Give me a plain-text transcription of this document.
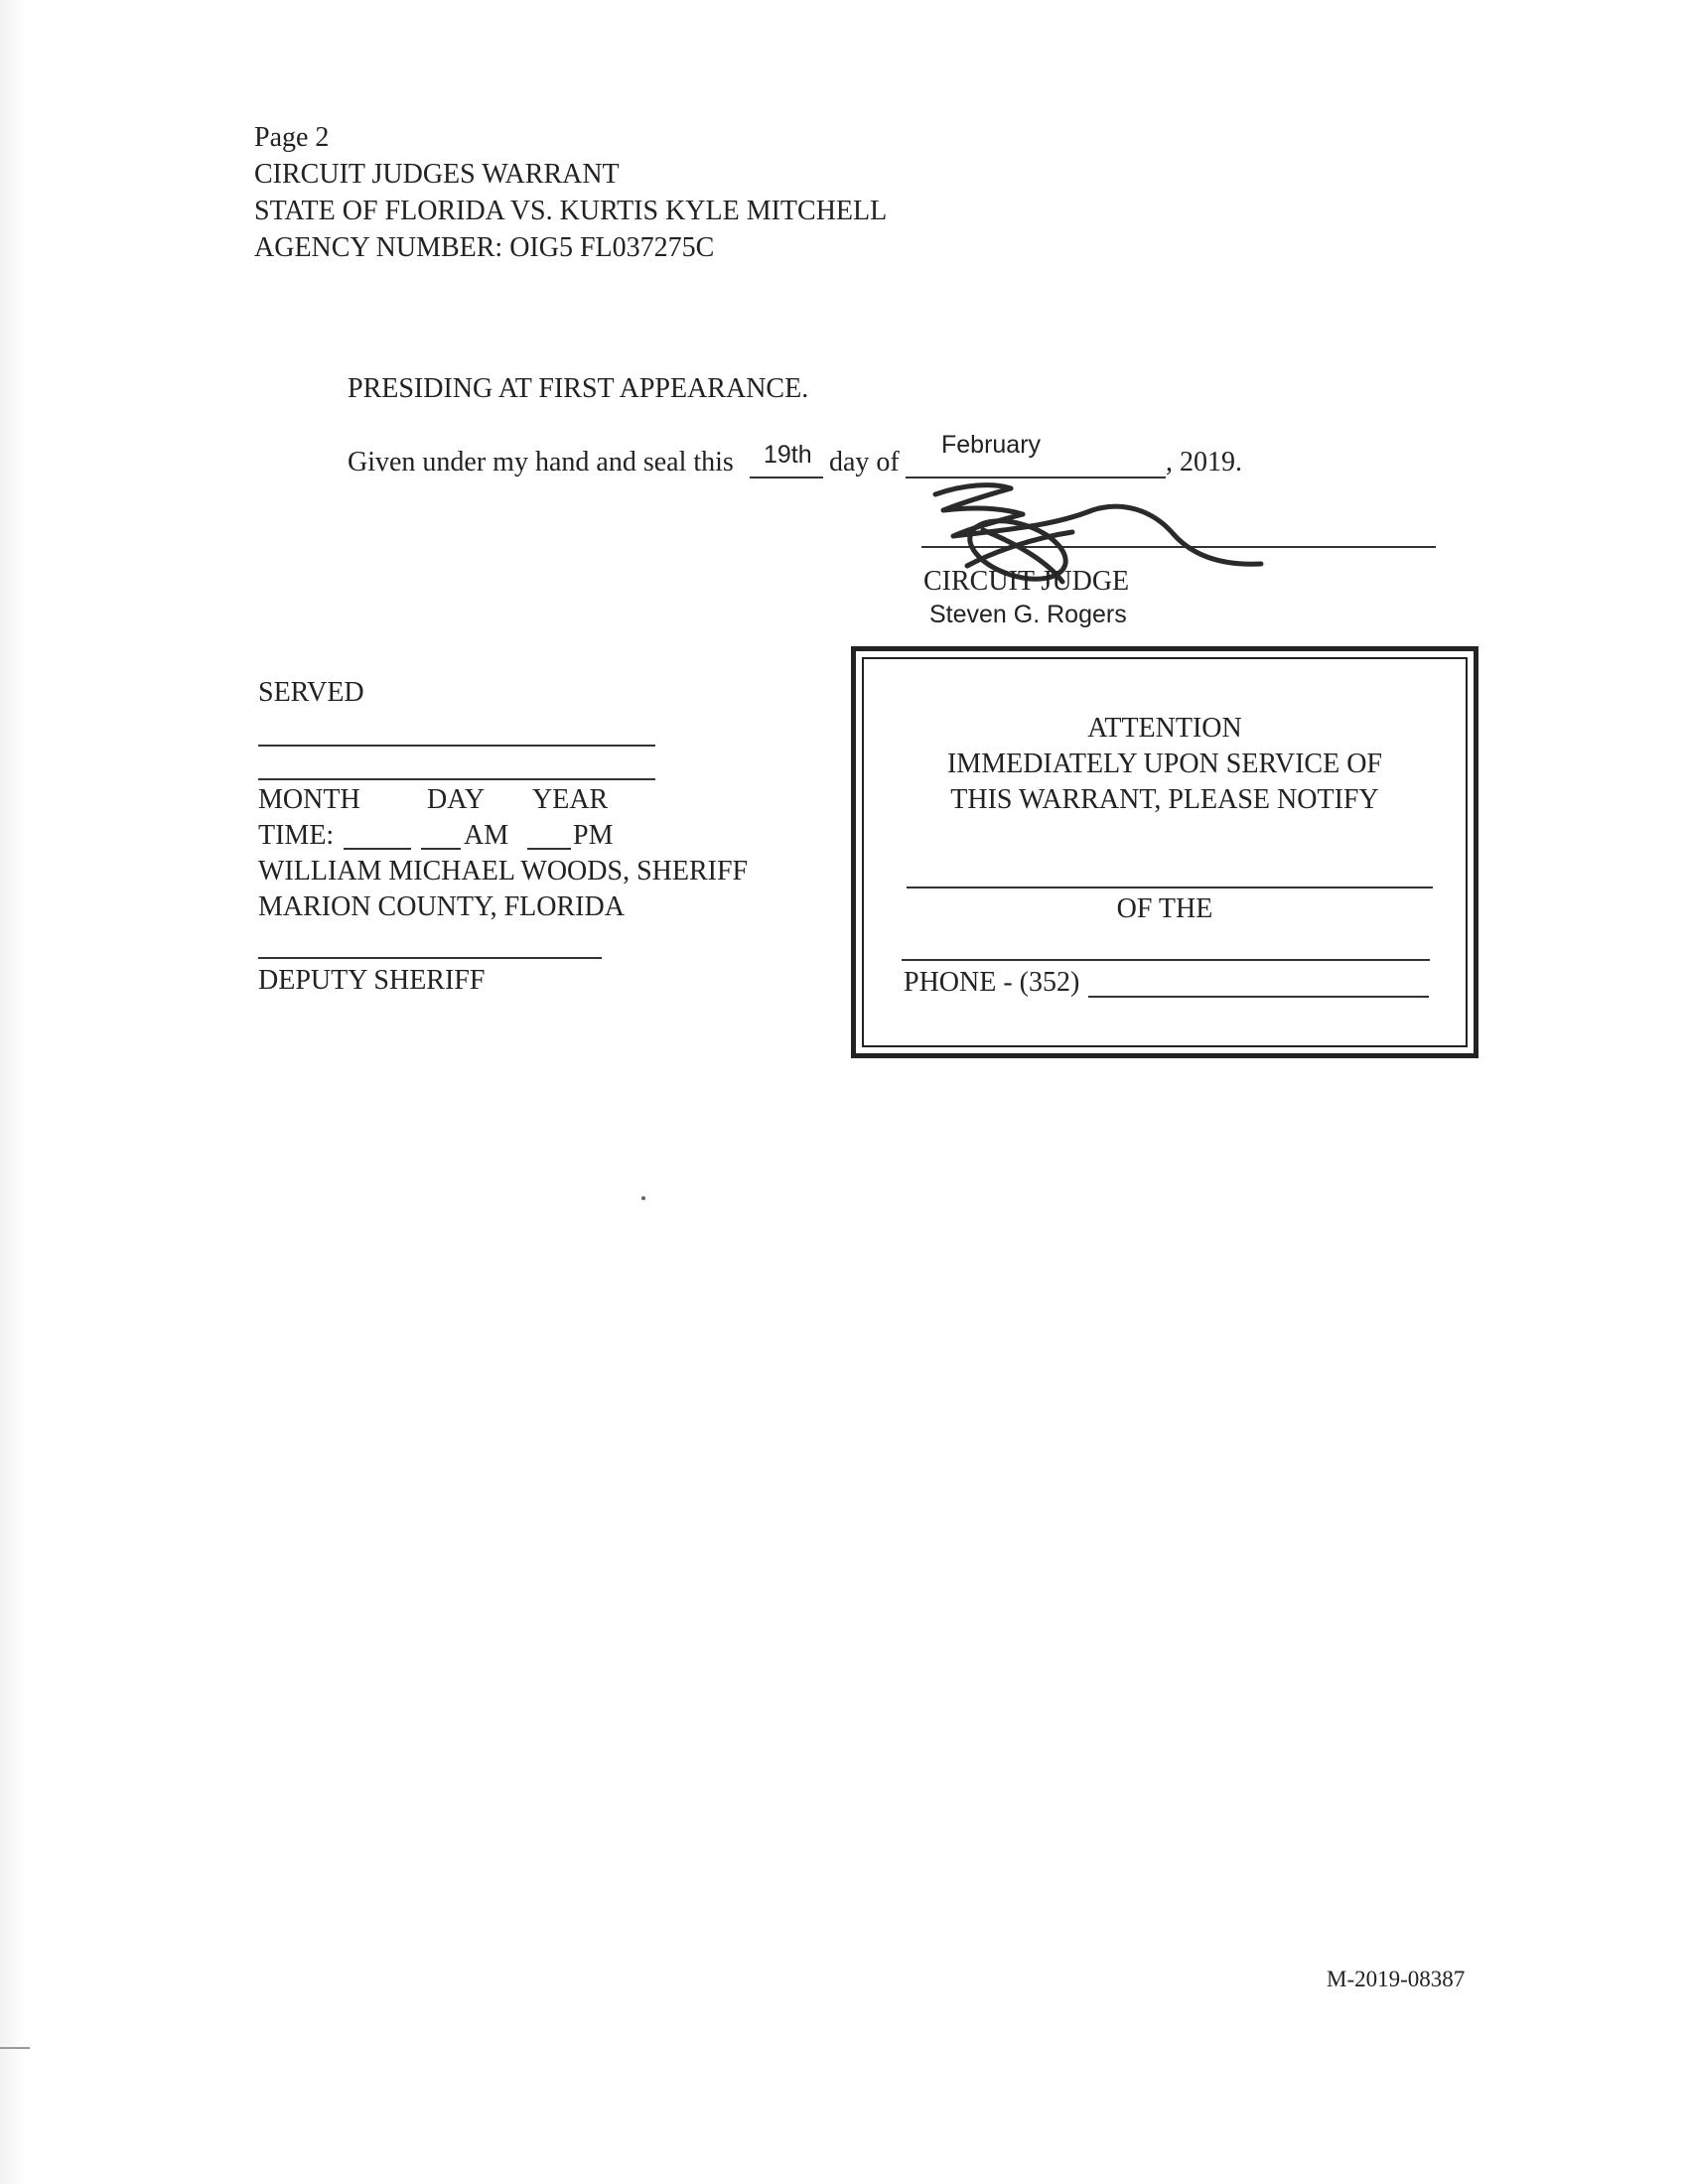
Page 2
CIRCUIT JUDGES WARRANT
STATE OF FLORIDA VS. KURTIS KYLE MITCHELL
AGENCY NUMBER: OIG5 FL037275C
PRESIDING AT FIRST APPEARANCE.
Given under my hand and seal this 19th day of
February
, 2019.
CIRCUIT JUDGE
Steven G. Rogers
SERVED
MONTH DAY YEAR
TIME:	AM PM
WILLIAM MICHAEL WOODS, SHERIFF
MARION COUNTY, FLORIDA
DEPUTY SHERIFF
ATTENTION
IMMEDIATELY UPON SERVICE OF
THIS WARRANT, PLEASE NOTIFY
OF THE
PHONE - (352)
M-2019-08387
